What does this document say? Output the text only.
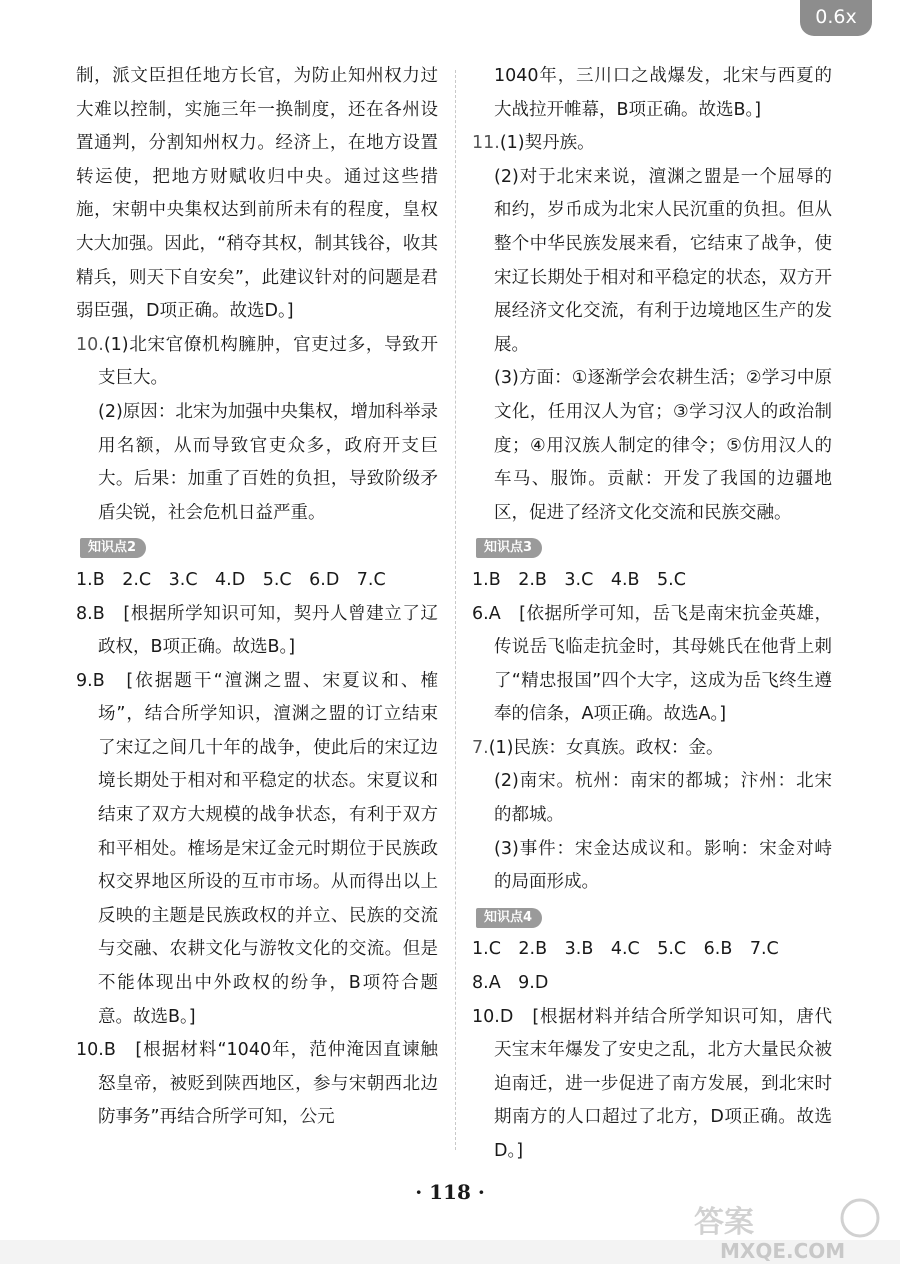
0.6x

制，派文臣担任地方长官，为防止知州权力过大难以控制，实施三年一换制度，还在各州设置通判，分割知州权力。经济上，在地方设置转运使，把地方财赋收归中央。通过这些措施，宋朝中央集权达到前所未有的程度，皇权大大加强。因此，“稍夺其权，制其钱谷，收其精兵，则天下自安矣”，此建议针对的问题是君弱臣强，D项正确。故选D。]

10.(1)北宋官僚机构臃肿，官吏过多，导致开支巨大。

(2)原因：北宋为加强中央集权，增加科举录用名额，从而导致官吏众多，政府开支巨大。后果：加重了百姓的负担，导致阶级矛盾尖锐，社会危机日益严重。

知识点2

1.B　2.C　3.C　4.D　5.C　6.D　7.C

8.B　[根据所学知识可知，契丹人曾建立了辽政权，B项正确。故选B。]

9.B　[依据题干“澶渊之盟、宋夏议和、榷场”，结合所学知识，澶渊之盟的订立结束了宋辽之间几十年的战争，使此后的宋辽边境长期处于相对和平稳定的状态。宋夏议和结束了双方大规模的战争状态，有利于双方和平相处。榷场是宋辽金元时期位于民族政权交界地区所设的互市市场。从而得出以上反映的主题是民族政权的并立、民族的交流与交融、农耕文化与游牧文化的交流。但是不能体现出中外政权的纷争，B项符合题意。故选B。]

10.B　[根据材料“1040年，范仲淹因直谏触怒皇帝，被贬到陕西地区，参与宋朝西北边防事务”再结合所学可知，公元

1040年，三川口之战爆发，北宋与西夏的大战拉开帷幕，B项正确。故选B。]

11.(1)契丹族。

(2)对于北宋来说，澶渊之盟是一个屈辱的和约，岁币成为北宋人民沉重的负担。但从整个中华民族发展来看，它结束了战争，使宋辽长期处于相对和平稳定的状态，双方开展经济文化交流，有利于边境地区生产的发展。

(3)方面：①逐渐学会农耕生活；②学习中原文化，任用汉人为官；③学习汉人的政治制度；④用汉族人制定的律令；⑤仿用汉人的车马、服饰。贡献：开发了我国的边疆地区，促进了经济文化交流和民族交融。

知识点3

1.B　2.B　3.C　4.B　5.C

6.A　[依据所学可知，岳飞是南宋抗金英雄，传说岳飞临走抗金时，其母姚氏在他背上刺了“精忠报国”四个大字，这成为岳飞终生遵奉的信条，A项正确。故选A。]

7.(1)民族：女真族。政权：金。

(2)南宋。杭州：南宋的都城；汴州：北宋的都城。

(3)事件：宋金达成议和。影响：宋金对峙的局面形成。

知识点4

1.C　2.B　3.B　4.C　5.C　6.B　7.C

8.A　9.D

10.D　[根据材料并结合所学知识可知，唐代天宝末年爆发了安史之乱，北方大量民众被迫南迁，进一步促进了南方发展，到北宋时期南方的人口超过了北方，D项正确。故选D。]

· 118 ·
答案
MXQE.COM
